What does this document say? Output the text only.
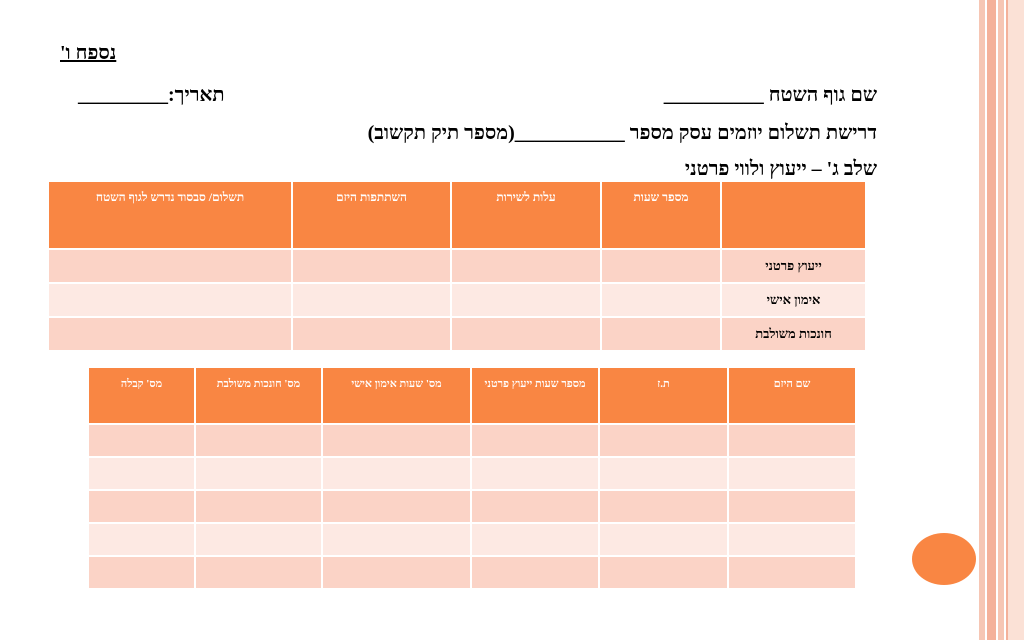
נספח ו'
שם גוף השטח __________
תאריך:_________
דרישת תשלום יוזמים עסק מספר ___________(מספר תיק תקשוב)
שלב ג' – ייעוץ ולווי פרטני
	מספר שעות	עלות לשירות	השתתפות היזם	תשלום/ סבסוד נדרש לגוף השטח
ייעוץ פרטני				
אימון אישי				
חונכות משולבת				
שם היזם	ת.ז	מספר שעות ייעוץ פרטני	מס' שעות אימון אישי	מס' חונכות משולבת	מס' קבלה
